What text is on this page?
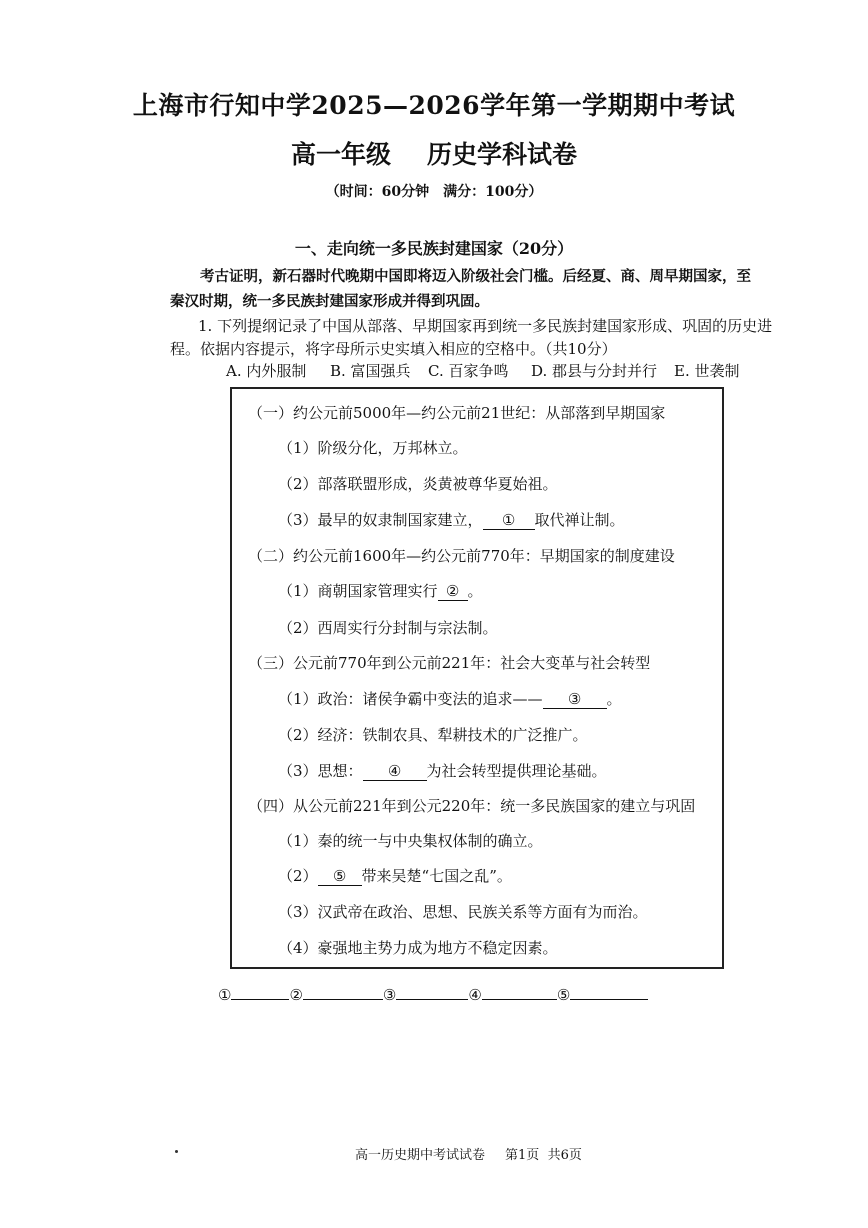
上海市行知中学2025—2026学年第一学期期中考试
高一年级 历史学科试卷
（时间：60分钟　满分：100分）
一、走向统一多民族封建国家（20分）
考古证明，新石器时代晚期中国即将迈入阶级社会门槛。后经夏、商、周早期国家，至
秦汉时期，统一多民族封建国家形成并得到巩固。
1. 下列提纲记录了中国从部落、早期国家再到统一多民族封建国家形成、巩固的历史进
程。依据内容提示，将字母所示史实填入相应的空格中。（共10分）
A. 内外服制 B. 富国强兵 C. 百家争鸣 D. 郡县与分封并行 E. 世袭制
（一）约公元前5000年—约公元前21世纪：从部落到早期国家
（1）阶级分化，万邦林立。
（2）部落联盟形成，炎黄被尊华夏始祖。
（3）最早的奴隶制国家建立， ① 取代禅让制。
（二）约公元前1600年—约公元前770年：早期国家的制度建设
（1）商朝国家管理实行 ② 。
（2）西周实行分封制与宗法制。
（三）公元前770年到公元前221年：社会大变革与社会转型
（1）政治：诸侯争霸中变法的追求—— ③ 。
（2）经济：铁制农具、犁耕技术的广泛推广。
（3）思想： ④ 为社会转型提供理论基础。
（四）从公元前221年到公元220年：统一多民族国家的建立与巩固
（1）秦的统一与中央集权体制的确立。
（2） ⑤ 带来吴楚“七国之乱”。
（3）汉武帝在政治、思想、民族关系等方面有为而治。
（4）豪强地主势力成为地方不稳定因素。
①	②	③	④	⑤
高一历史期中考试试卷 第1页 共6页
